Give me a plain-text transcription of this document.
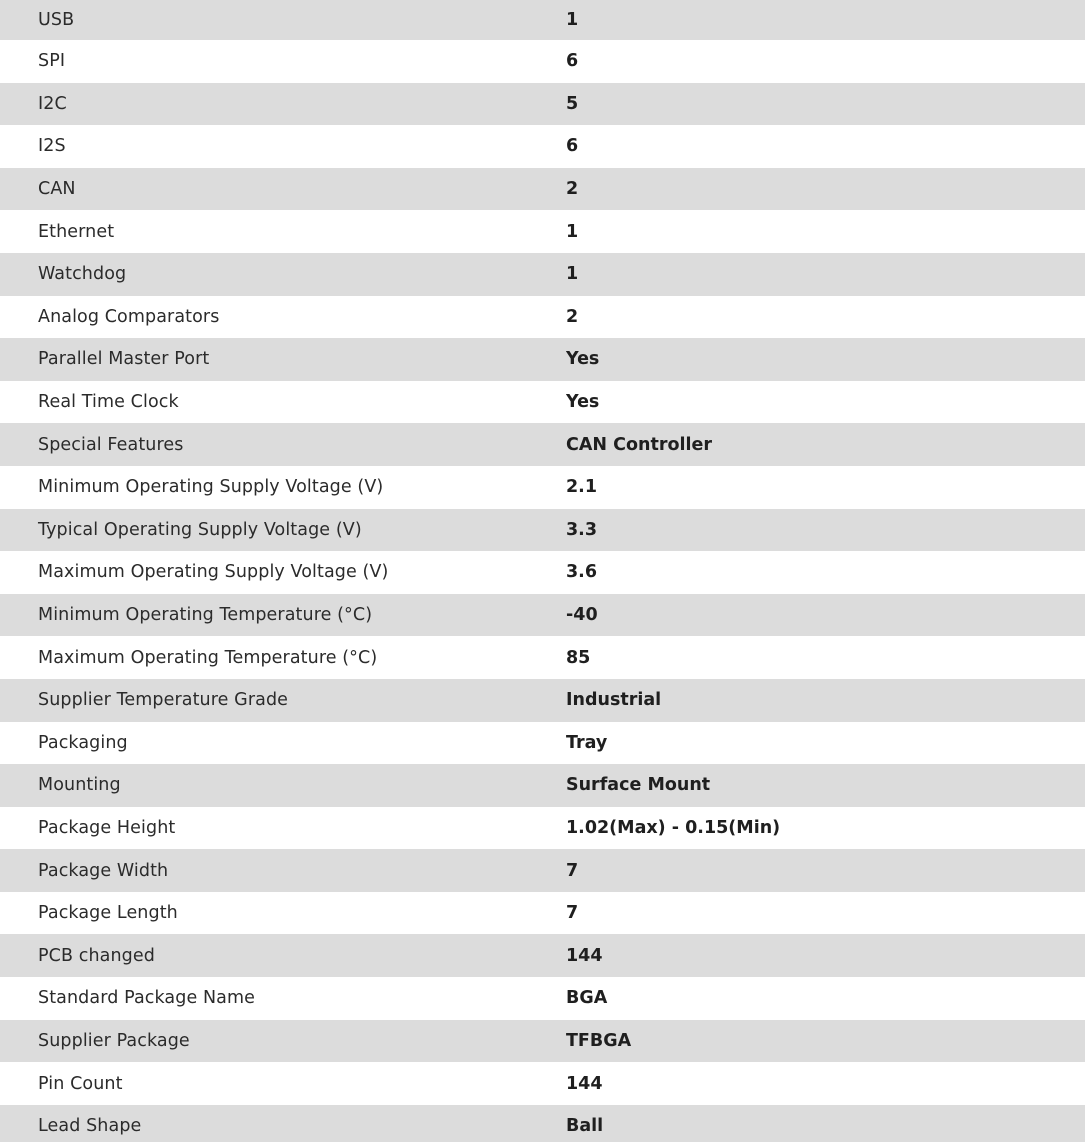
USB	1
SPI	6
I2C	5
I2S	6
CAN	2
Ethernet	1
Watchdog	1
Analog Comparators	2
Parallel Master Port	Yes
Real Time Clock	Yes
Special Features	CAN Controller
Minimum Operating Supply Voltage (V)	2.1
Typical Operating Supply Voltage (V)	3.3
Maximum Operating Supply Voltage (V)	3.6
Minimum Operating Temperature (°C)	-40
Maximum Operating Temperature (°C)	85
Supplier Temperature Grade	Industrial
Packaging	Tray
Mounting	Surface Mount
Package Height	1.02(Max) - 0.15(Min)
Package Width	7
Package Length	7
PCB changed	144
Standard Package Name	BGA
Supplier Package	TFBGA
Pin Count	144
Lead Shape	Ball
